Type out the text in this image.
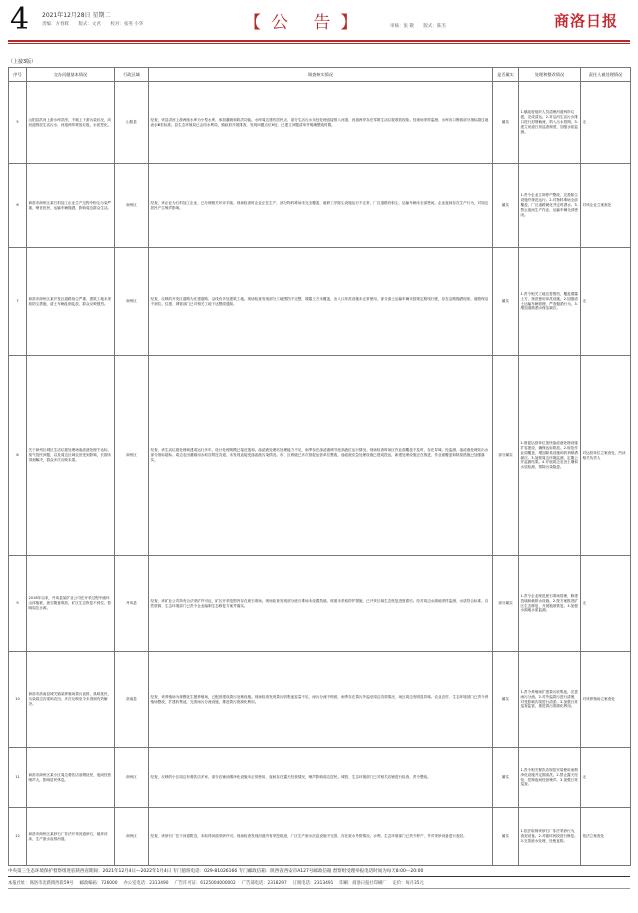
4 2021年12月28日 星期二
责编：方春辉 版式：文君 校对：张英 小华	【公 告】	审核：张 敬 版式：陈杰	商洛日报
（上接3版）
序号	交办问题基本情况	行政区域	调查核实情况	是否属实	处理和整改情况	责任人被处理情况
5	山阳县洪河上游水库洪涝，不顾上下游污染状况，向河道排放生活污水，河道两岸堆放垃圾，水质恶化。	山阳县	经查，该县洪河上游两座水库为小型水库，承担灌溉和防洪功能。水库周边建有居民点，部分生活污水未经处理直接排入河道，河道两岸存在零散生活垃圾堆放现象。经现场采样监测，水库出口断面部分指标超过地表水Ⅲ类标准。县生态环境局已会同水利局、镇政府开展排查，发现问题点位6处，已建立问题清单并明确整改时限。	属实	1.镇政府组织人员清理河道两岸垃圾，完成清运。2.对沿河生活污水排口进行封堵截流，纳入污水管网。3.建立河道日常巡查制度，加强水质监测。	无
6	商洛市商州区某石料加工企业生产过程中粉尘污染严重，噪音扰民，运输车辆抛洒，影响周边群众生活。	商州区	经查，该企业为石料加工企业，已办理相关环评手续。现场检查时企业正在生产，部分物料堆场未完全覆盖，破碎工序除尘设施运行不正常，厂区道路有积尘，运输车辆未全部密闭。企业夜间存在生产行为，对周边居民产生噪声影响。	属实	1.责令企业立即停产整改，完善除尘设施并规范运行。2.对物料堆场全部覆盖，厂区道路硬化并定时洒水。3.禁止夜间生产作业，运输车辆全部密闭。	对该企业立案查处
7	商洛市商州区某开发区道路扬尘严重，建筑工地未采取防尘措施，渣土车辆乱倒乱放，群众反映强烈。	商州区	经查，反映的开发区道路为在建道路，沿线有多处建筑工地。现场检查发现部分工地围挡不完整，裸露土方未覆盖，出入口冲洗设施未正常使用，部分渣土运输车辆未按规定路线行驶，存在沿路抛洒现象，道路保洁不到位。住建、城管部门已对相关工地下达整改通知。	属实	1.责令相关工地完善围挡，覆盖裸露土方，规范使用冲洗设施。2.加强渣土运输车辆管理，严查抛洒行为。3.增加道路洒水保洁频次。	无
8	关于商州区城区生活垃圾处理场渗滤液处理不达标、臭气扰民问题，以及周边区域农田受到影响，长期未得到解决，群众多次反映未果。	商州区	经查，该生活垃圾处理场建成运行多年，设计处理规模已接近饱和。渗滤液处理站处理能力不足，雨季存在渗滤液调节池高液位运行情况。现场检查时场区作业面覆盖不及时，存在异味。经监测，渗滤液处理站出水部分指标超标。周边农田灌溉用水取自附近沟道，未发现直接受渗滤液污染情况。市、区两级已多次督促运营单位整改，渗滤液应急处理设施已建成投运，新建处理设施正在推进，作业面覆盖和除臭措施已加强落实。	部分属实	1.督促运营单位加快渗滤液处理设施扩容建设，确保达标排放。2.规范作业面覆盖，增加除臭设施和药剂喷洒频次。3.加强周边环境监测，定期公开监测结果。4.开展周边农田土壤和水质检测，排除污染隐患。	对运营单位立案查处，约谈相关负责人
9	2018年以来，丹凤县某矿业公司在开采过程中破坏山体植被，废石随意堆放，矿区生态恢复不到位，影响周边水源。	丹凤县	经查，该矿业公司持有合法采矿许可证，矿区开采范围内存在废石堆场。现场检查发现部分废石堆场未设置挡墙，坡面未采取防护措施，已开采区域生态恢复进度滞后。经对周边水源地采样监测，水质符合标准。自然资源、生态环境部门已责令企业编制生态修复方案并落实。	部分属实	1.责令企业规范废石堆场管理，修建挡墙和截排水设施。2.按方案推进矿区生态修复，开展植被恢复。3.加强水源地水质监测。	无
10	商洛市洛南县城关镇某养殖场粪污直排，臭味扰民，污染周边沟渠和农田，多次反映至今未得到有效解决。	洛南县	经查，该养殖场为规模化生猪养殖场，已配套建设粪污处理设施。现场检查发现粪污收集池容量不足，雨污分流不彻底，雨季存在粪污外溢至周边沟渠情况，场区周边有明显异味。农业农村、生态环境部门已责令养殖场整改，扩建收集池，完善雨污分流设施，推进粪污资源化利用。	属实	1.责令养殖场扩建粪污收集池，完善雨污分流。2.对外溢粪污进行清理，对受影响沟渠进行清淤。3.加强日常巡查监管，推进粪污资源化利用。	对该养殖场立案查处
11	商洛市商州区某小区周边餐饮店油烟扰民，夜间经营噪声大，影响居民休息。	商州区	经查，反映的小区周边有餐饮店多家，部分店铺油烟净化设施未正常使用，夜间存在露天经营情况，噪声影响周边居民。城管、生态环境部门已对相关店铺进行检查，责令整改。	属实	1.责令相关餐饮店规范安装使用油烟净化设施并定期清洗。2.禁止露天经营，控制夜间经营噪声。3.加强日常巡查。	无
12	商洛市商州区某砂石厂非法开采河道砂石，破坏河床，生产废水直排河道。	商州区	经查，该砂石厂位于河道附近，未取得河道采砂许可。现场检查发现河道内有采挖痕迹，厂区生产废水沉淀设施不完善，存在废水外排情况。水利、生态环境部门已责令停产，并对采砂设备进行查封。	属实	1.依法取缔该砂石厂非法采砂行为，查封设备。2.对破坏河段进行修复。3.完善废水处理，杜绝直排。	依法立案查处
中央第三生态环境保护督察组进驻陕西省期间：2021年12月4日—2022年1月4日 专门值班电话：029-81026166 专门邮政信箱：陕西省西安市A127号邮政信箱 督察组受理举报电话时间为每天8:00—20:00
本报社址：商洛市北新街西段59号 邮政编码：726000 办公室电话：2313490 广告许可证：6125004000002 广告部电话：2318297 订阅电话：2313491 印刷：商洛日报社印刷厂 定价：每月35元
